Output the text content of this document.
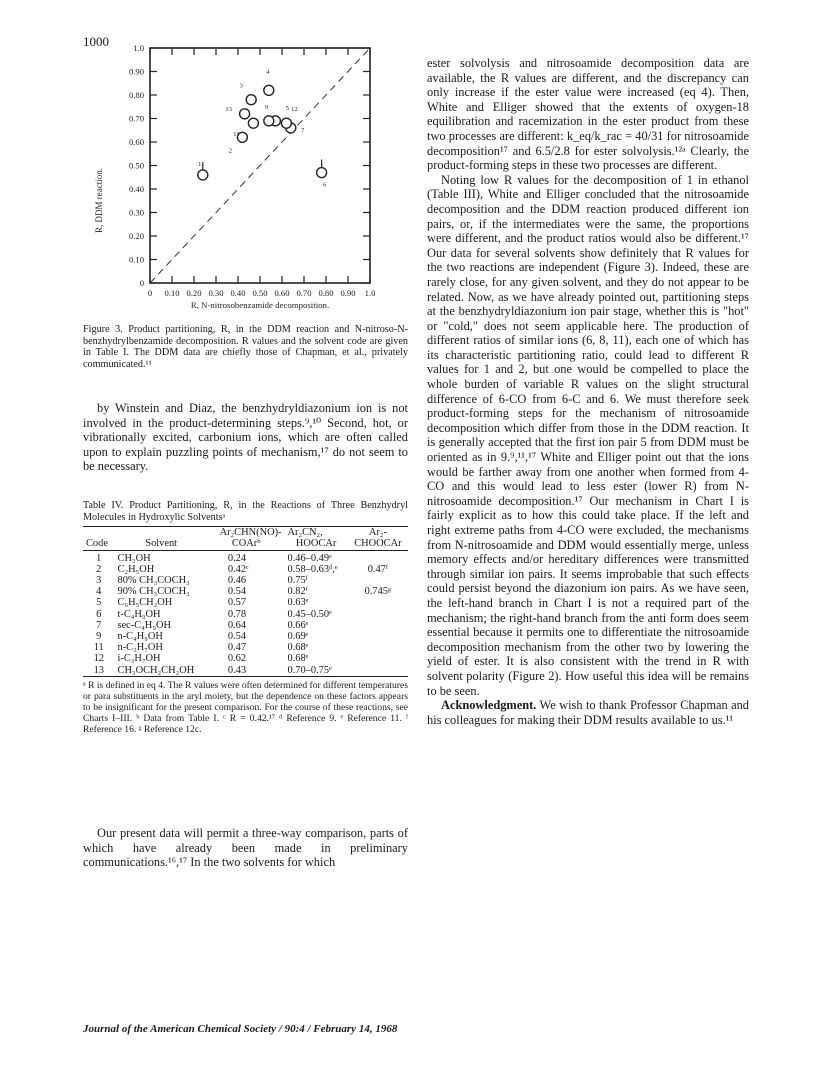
1000
0 0.10 0.20 0.30 0.40 0.50 0.60 0.70 0.80 0.90 1.0
0
0.10
0.20
0.30
0.40
0.50
0.60
0.70
0.80
0.90
1.0
R, N-nitrosobenzamide decomposition.
R, DDM reaction.
1
2
3
4
5
6
7
9
11
12
13
Figure 3. Product partitioning, R, in the DDM reaction and N-nitroso-N-benzhydrylbenzamide decomposition. R values and the solvent code are given in Table I. The DDM data are chiefly those of Chapman, et al., privately communicated.¹¹
by Winstein and Diaz, the benzhydryldiazonium ion is not involved in the product-determining steps.⁹,¹⁰ Second, hot, or vibrationally excited, carbonium ions, which are often called upon to explain puzzling points of mechanism,¹⁷ do not seem to be necessary.
Table IV. Product Partitioning, R, in the Reactions of Three Benzhydryl Molecules in Hydroxylic Solventsᵃ
		Ar₂CHN(NO)-	Ar₂CN₂,	Ar₂-
Code	Solvent	COArᵇ	HOOCAr	CHOOCAr

1	CH₃OH	0.24	0.46–0.49ᵉ	
2	C₂H₅OH	0.42ᶜ	0.58–0.63ᵈ,ᵉ	0.47ᶠ
3	80% CH₃COCH₃	0.46	0.75ᶠ	
4	90% CH₃COCH₃	0.54	0.82ᶠ	0.745ᵍ
5	C₆H₅CH₂OH	0.57	0.63ᵉ	
6	t-C₄H₉OH	0.78	0.45–0.50ᵉ	
7	sec-C₄H₉OH	0.64	0.66ᵉ	
9	n-C₄H₉OH	0.54	0.69ᵉ	
11	n-C₃H₇OH	0.47	0.68ᵉ	
12	i-C₃H₇OH	0.62	0.68ᵉ	
13	CH₃OCH₂CH₂OH	0.43	0.70–0.75ᵉ	
ᵃ R is defined in eq 4. The R values were often determined for different temperatures or para substituents in the aryl moiety, but the dependence on these factors appears to be insignificant for the present comparison. For the course of these reactions, see Charts I–III. ᵇ Data from Table I. ᶜ R = 0.42.¹⁷ ᵈ Reference 9. ᵉ Reference 11. ᶠ Reference 16. ᵍ Reference 12c.
Our present data will permit a three-way comparison, parts of which have already been made in preliminary communications.¹⁶,¹⁷ In the two solvents for which

ester solvolysis and nitrosoamide decomposition data are available, the R values are different, and the discrepancy can only increase if the ester value were increased (eq 4). Then, White and Elliger showed that the extents of oxygen-18 equilibration and racemization in the ester product from these two processes are different: k_eq/k_rac = 40/31 for nitrosoamide decomposition¹⁷ and 6.5/2.8 for ester solvolysis.¹²ᵃ Clearly, the product-forming steps in these two processes are different.

Noting low R values for the decomposition of 1 in ethanol (Table III), White and Elliger concluded that the nitrosoamide decomposition and the DDM reaction produced different ion pairs, or, if the intermediates were the same, the proportions were different, and the product ratios would also be different.¹⁷ Our data for several solvents show definitely that R values for the two reactions are independent (Figure 3). Indeed, these are rarely close, for any given solvent, and they do not appear to be related. Now, as we have already pointed out, partitioning steps at the benzhydryldiazonium ion pair stage, whether this is "hot" or "cold," does not seem applicable here. The production of different ratios of similar ions (6, 8, 11), each one of which has its characteristic partitioning ratio, could lead to different R values for 1 and 2, but one would be compelled to place the whole burden of variable R values on the slight structural difference of 6-CO from 6-C and 6. We must therefore seek product-forming steps for the mechanism of nitrosoamide decomposition which differ from those in the DDM reaction. It is generally accepted that the first ion pair 5 from DDM must be oriented as in 9.⁹,¹¹,¹⁷ White and Elliger point out that the ions would be farther away from one another when formed from 4-CO and this would lead to less ester (lower R) from N-nitrosoamide decomposition.¹⁷ Our mechanism in Chart I is fairly explicit as to how this could take place. If the left and right extreme paths from 4-CO were excluded, the mechanisms from N-nitrosoamide and DDM would essentially merge, unless memory effects and/or hereditary differences were transmitted through similar ion pairs. It seems improbable that such effects could persist beyond the diazonium ion pairs. As we have seen, the left-hand branch in Chart I is not a required part of the mechanism; the right-hand branch from the anti form does seem essential because it permits one to differentiate the nitrosoamide decomposition mechanism from the other two by lowering the yield of ester. It is also consistent with the trend in R with solvent polarity (Figure 2). How useful this idea will be remains to be seen.

Acknowledgment. We wish to thank Professor Chapman and his colleagues for making their DDM results available to us.¹¹

Journal of the American Chemical Society / 90:4 / February 14, 1968
